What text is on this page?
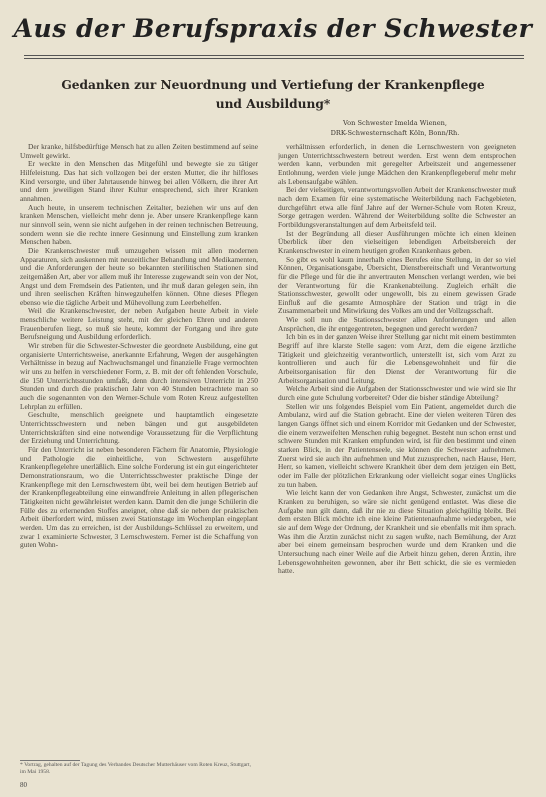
Aus der Berufspraxis der Schwester
Gedanken zur Neuordnung und Vertiefung der Krankenpflege
und Ausbildung*
Von Schwester Imelda Wienen,
DRK-Schwesternschaft Köln, Bonn/Rh.

Der kranke, hilfsbedürftige Mensch hat zu allen Zeiten bestimmend auf seine Umwelt gewirkt.

Er weckte in den Menschen das Mitgefühl und bewegte sie zu tätiger Hilfeleistung. Das hat sich vollzogen bei der ersten Mutter, die ihr hilfloses Kind versorgte, und über Jahrtausende hinweg bei allen Völkern, die ihrer Art und dem jeweiligen Stand ihrer Kultur entsprechend, sich ihrer Kranken annahmen.

Auch heute, in unserem technischen Zeitalter, beziehen wir uns auf den kranken Menschen, vielleicht mehr denn je. Aber unsere Krankenpflege kann nur sinnvoll sein, wenn sie nicht aufgehen in der reinen technischen Betreuung, sondern wenn sie die rechte innere Gesinnung und Einstellung zum kranken Menschen haben.

Die Krankenschwester muß umzugehen wissen mit allen modernen Apparaturen, sich auskennen mit neuzeitlicher Behandlung und Medikamenten, und die Anforderungen der heute so bekannten sterilitischen Stationen sind zeitgemäßen Art, aber vor allem muß ihr Interesse zugewandt sein von der Not, Angst und dem Fremdsein des Patienten, und ihr muß daran gelegen sein, ihn und ihren seelischen Kräften hinwegzuhelfen können. Ohne dieses Pflegen ebenso wie die tägliche Arbeit und Mühevollung zum Leerbehelfen.

Weil die Krankenschwester, der neben Aufgaben heute Arbeit in viele menschliche weitere Leistung steht, mit der gleichen Ehren und anderen Frauenberufen liegt, so muß sie heute, kommt der Fortgang und ihre gute Berufsneigung und Ausbildung erforderlich.

Wir streben für die Schwester-Schwester die geordnete Ausbildung, eine gut organisierte Unterrichtsweise, anerkannte Erfahrung, Wegen der ausgehängten Verhältnisse in bezug auf Nachwuchsmangel und finanzielle Frage vermochten wir uns zu helfen in verschiedener Form, z. B. mit der oft fehlenden Vorschule, die 150 Unterrichtsstunden umfaßt, denn durch intensiven Unterricht in 250 Stunden und durch die praktischen Jahr von 40 Stunden betrachtete man so auch die sogenannten von den Werner-Schule vom Roten Kreuz aufgestellten Lehrplan zu erfüllen.

Geschulte, menschlich geeignete und hauptamtlich eingesetzte Unterrichtsschwestern und neben bängen und gut ausgebildeten Unterrichtskräften sind eine notwendige Voraussetzung für die Verpflichtung der Erziehung und Unterrichtung.

Für den Unterricht ist neben besonderen Fächern für Anatomie, Physiologie und Pathologie die einheitliche, von Schwestern ausgeführte Krankenpflegelehre unerläßlich. Eine solche Forderung ist ein gut eingerichteter Demonstrationsraum, wo die Unterrichtsschwester praktische Dinge der Krankenpflege mit den Lernschwestern übt, weil bei dem heutigen Betrieb auf der Krankenpflegeabteilung eine einwandfreie Anleitung in allen pflegerischen Tätigkeiten nicht gewährleistet werden kann. Damit den die junge Schülerin die Fülle des zu erlernenden Stoffes aneignet, ohne daß sie neben der praktischen Arbeit überfordert wird, müssen zwei Stationstage im Wochenplan eingeplant werden. Um das zu erreichen, ist der Ausbildungs-Schlüssel zu erweitern, und zwar 1 examinierte Schwester, 3 Lernschwestern. Ferner ist die Schaffung von guten Wohn-

* Vortrag, gehalten auf der Tagung des Verbandes Deutscher Mutterhäuser vom Roten Kreuz, Stuttgart, im Mai 1958.
80

verhältnissen erforderlich, in denen die Lernschwestern von geeigneten jungen Unterrichtsschwestern betreut werden. Erst wenn dem entsprochen werden kann, verbunden mit geregelter Arbeitszeit und angemessener Entlohnung, werden viele junge Mädchen den Krankenpflegeberuf mehr mehr als Lebensaufgabe wählen.

Bei der vielseitigen, verantwortungsvollen Arbeit der Krankenschwester muß nach dem Examen für eine systematische Weiterbildung nach Fachgebieten, durchgeführt etwa alle fünf Jahre auf der Werner-Schule vom Roten Kreuz, Sorge getragen werden. Während der Weiterbildung sollte die Schwester an Fortbildungsveranstaltungen auf dem Arbeitsfeld teil.

Ist der Begründung all dieser Ausführungen möchte ich einen kleinen Überblick über den vielseitigen lebendigen Arbeitsbereich der Krankenschwester in einem heutigen großen Krankenhaus geben.

So gibt es wohl kaum innerhalb eines Berufes eine Stellung, in der so viel Können, Organisationsgabe, Übersicht, Dienstbereitschaft und Verantwortung für die Pflege und für die ihr anvertrauten Menschen verlangt werden, wie bei der Verantwortung für die Krankenabteilung. Zugleich erhält die Stationsschwester, gewollt oder ungewollt, bis zu einem gewissen Grade Einfluß auf die gesamte Atmosphäre der Station und trägt in die Zusammenarbeit und Mitwirkung des Volkes am und der Vollzugsschaft.

Wie soll nun die Stationsschwester allen Anforderungen und allen Ansprüchen, die ihr entgegentreten, begegnen und gerecht werden?

Ich bin es in der ganzen Weise ihrer Stellung gar nicht mit einem bestimmten Begriff auf ihre klarste Stelle sagen: vom Arzt, dem die eigene ärztliche Tätigkeit und gleichzeitig verantwortlich, unterstellt ist, sich vom Arzt zu kontrollieren und auch für die Lebensgewohnheit und für die Arbeitsorganisation für den Dienst der Verantwortung für die Arbeitsorganisation und Leitung.

Welche Arbeit sind die Aufgaben der Stationsschwester und wie wird sie Ihr durch eine gute Schulung vorbereitet? Oder die bisher ständige Abteilung?

Stellen wir uns folgendes Beispiel vom Ein Patient, angemeldet durch die Ambulanz, wird auf die Station gebracht. Eine der vielen weiteren Türen des langen Gangs öffnet sich und einem Korridor mit Gedanken und der Schwester, die einem verzweifelten Menschen ruhig begegnet. Besteht nun schon ernst und schwere Stunden mit Kranken empfunden wird, ist für den bestimmt und einen starken Blick, in der Patientenseele, sie können die Schwester aufnehmen. Zuerst wird sie auch ihn aufnehmen und Mut zuzusprechen, nach Hause, Herr, Herr, so kamen, vielleicht schwere Krankheit über dem dem jetzigen ein Bett, oder im Falle der plötzlichen Erkrankung oder vielleicht sogar eines Unglücks zu tun haben.

Wie leicht kann der von Gedanken ihre Angst, Schwester, zunächst um die Kranken zu beruhigen, so wäre sie nicht genügend entlastet. Was diese die Aufgabe nun gilt dann, daß ihr nie zu diese Situation gleichgültig bleibt. Bei dem ersten Blick möchte ich eine kleine Patientenaufnahme wiedergeben, wie sie auf dem Wege der Ordnung, der Krankheit und sie ebenfalls mit ihm sprach. Was ihm die Ärztin zunächst nicht zu sagen wußte, nach Bemühung, der Arzt aber bei einem gemeinsam besprochen wurde und dem Kranken und die Untersuchung nach einer Weile auf die Arbeit hinzu gehen, deren Ärztin, ihre Lebensgewohnheiten gewonnen, aber ihr Bett schickt, die sie es vermieden hatte.
